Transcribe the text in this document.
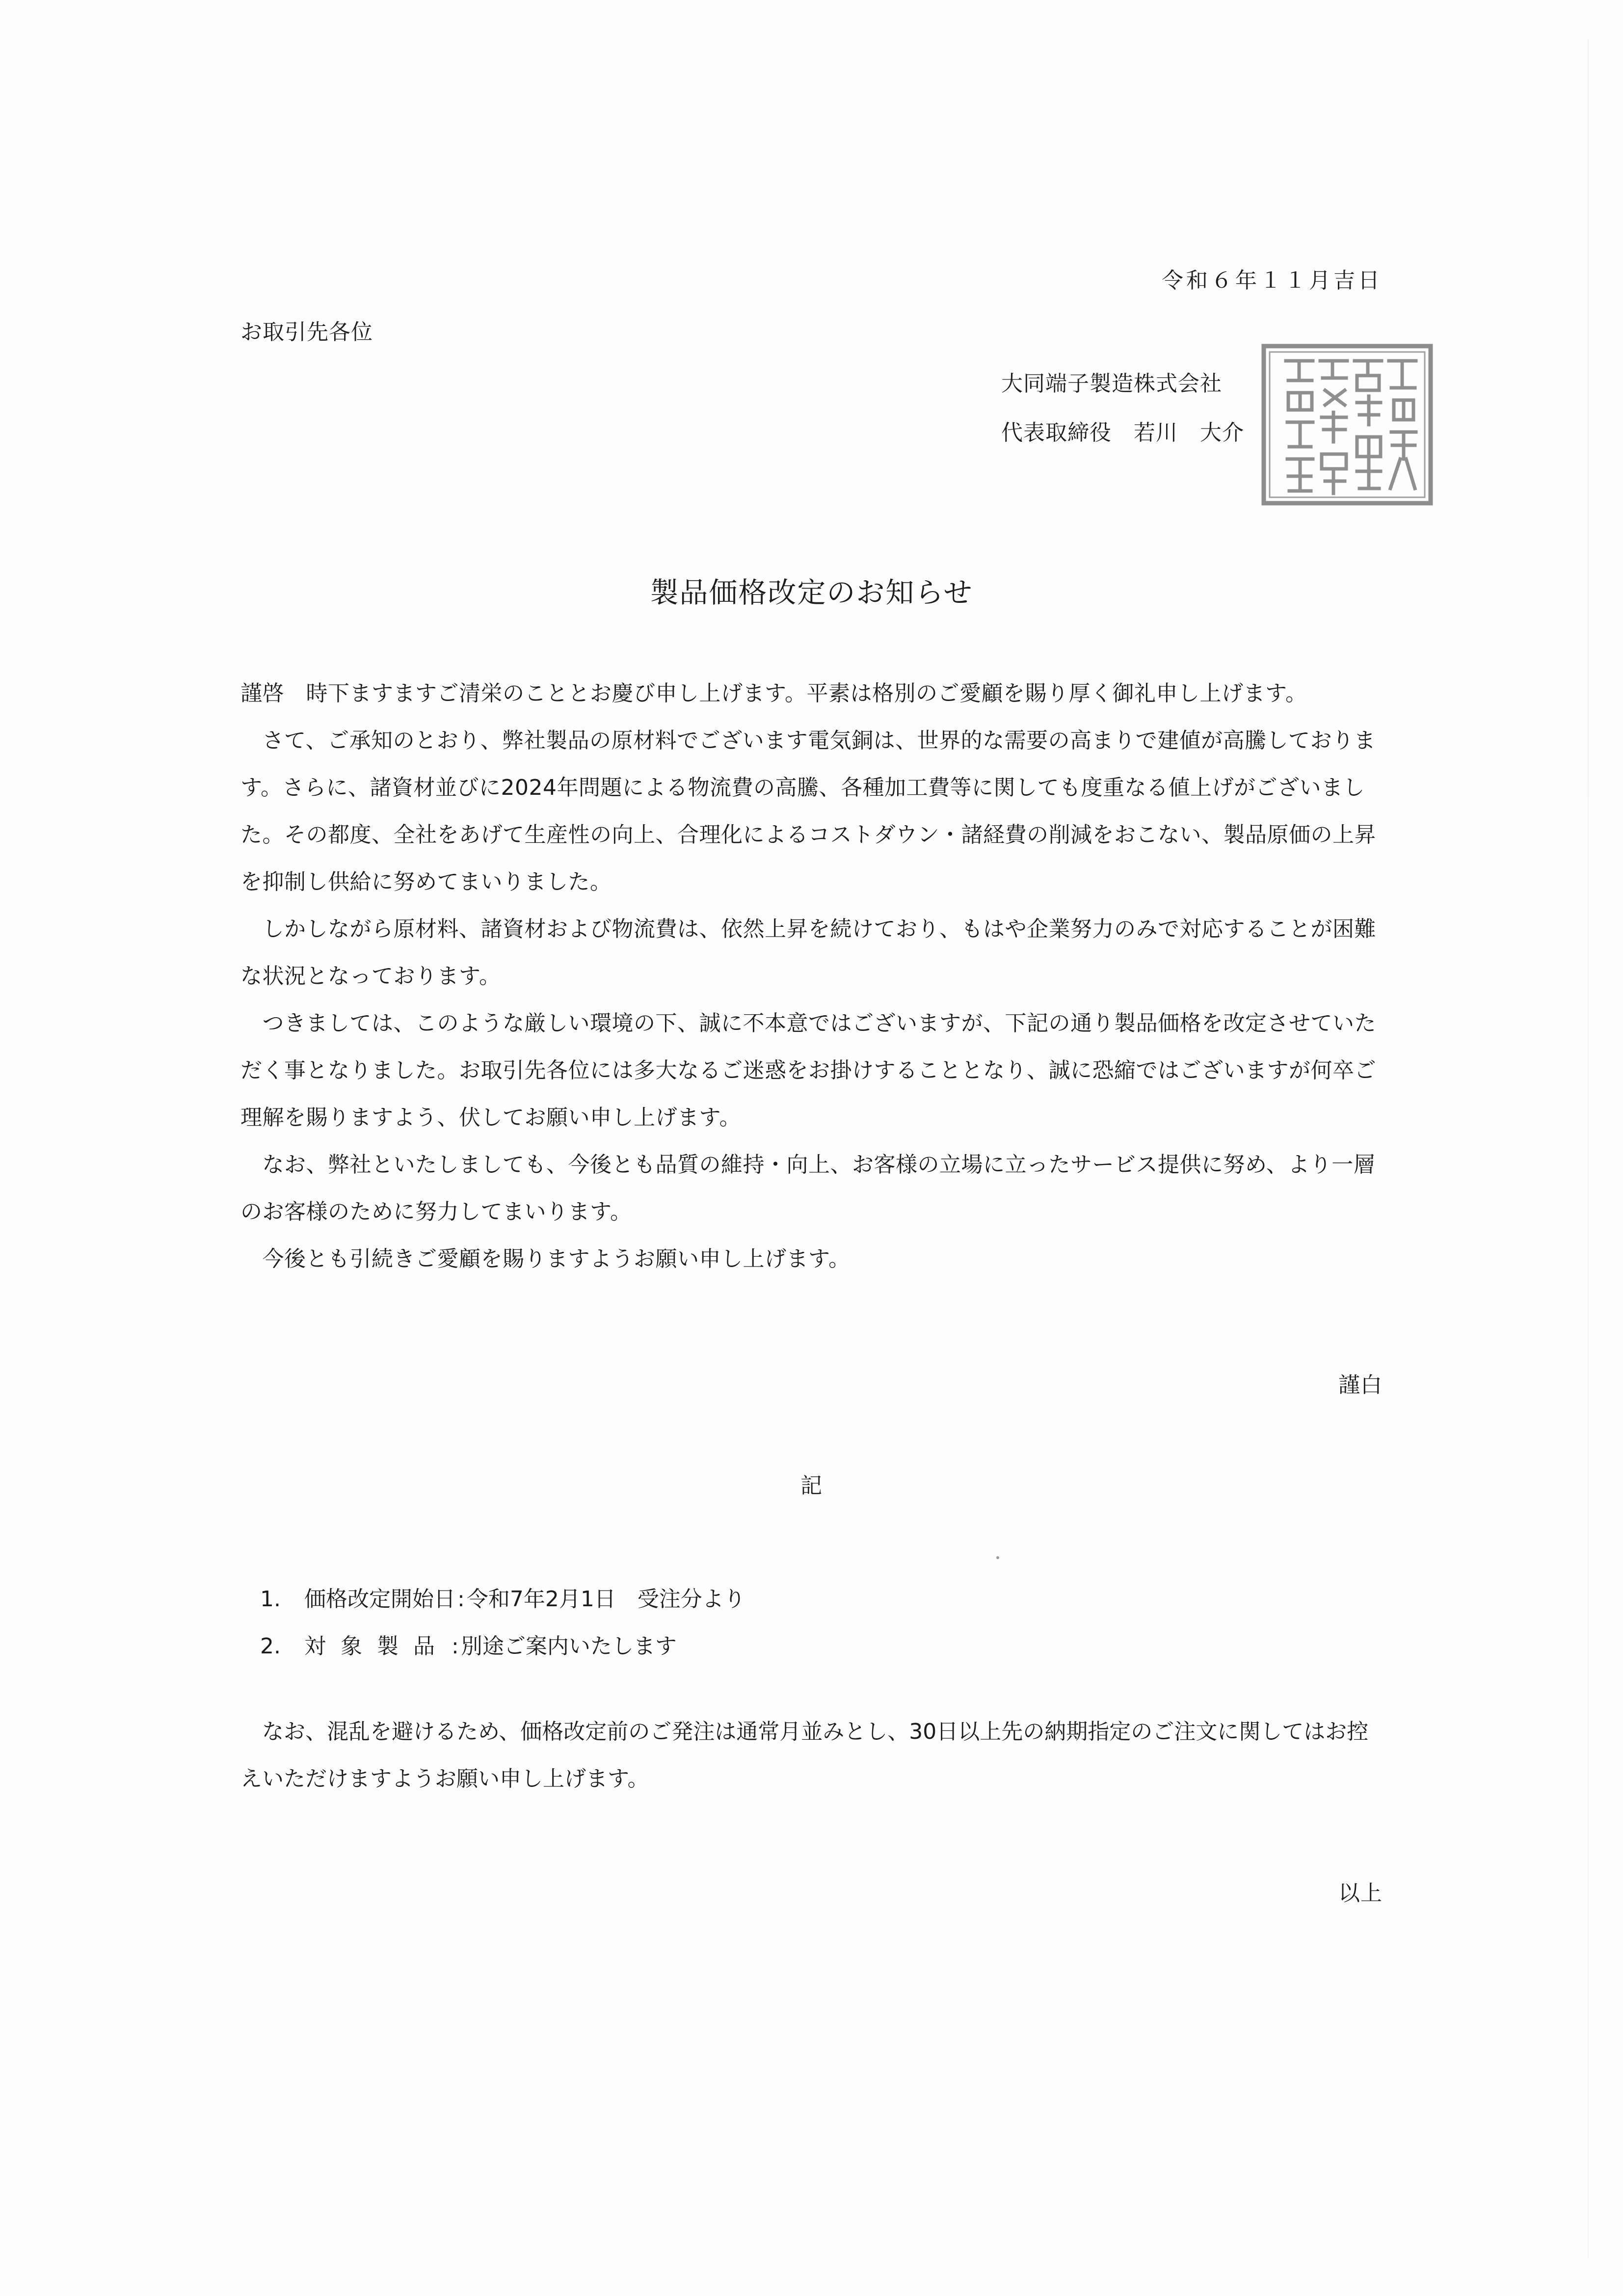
令和６年１１月吉日
お取引先各位
大同端子製造株式会社
代表取締役　若川　大介
製品価格改定のお知らせ

謹啓　時下ますますご清栄のこととお慶び申し上げます。平素は格別のご愛顧を賜り厚く御礼申し上げます。

　さて、ご承知のとおり、弊社製品の原材料でございます電気銅は、世界的な需要の高まりで建値が高騰しております。さらに、諸資材並びに2024年問題による物流費の高騰、各種加工費等に関しても度重なる値上げがございました。その都度、全社をあげて生産性の向上、合理化によるコストダウン・諸経費の削減をおこない、製品原価の上昇を抑制し供給に努めてまいりました。

　しかしながら原材料、諸資材および物流費は、依然上昇を続けており、もはや企業努力のみで対応することが困難な状況となっております。

　つきましては、このような厳しい環境の下、誠に不本意ではございますが、下記の通り製品価格を改定させていただく事となりました。お取引先各位には多大なるご迷惑をお掛けすることとなり、誠に恐縮ではございますが何卒ご理解を賜りますよう、伏してお願い申し上げます。

　なお、弊社といたしましても、今後とも品質の維持・向上、お客様の立場に立ったサービス提供に努め、より一層のお客様のために努力してまいります。

　今後とも引続きご愛顧を賜りますようお願い申し上げます。

謹白
記
1.	価格改定開始日 : 令和7年2月1日　受注分より
2.	対象製品 : 別途ご案内いたします

　なお、混乱を避けるため、価格改定前のご発注は通常月並みとし、30日以上先の納期指定のご注文に関してはお控えいただけますようお願い申し上げます。

以上
